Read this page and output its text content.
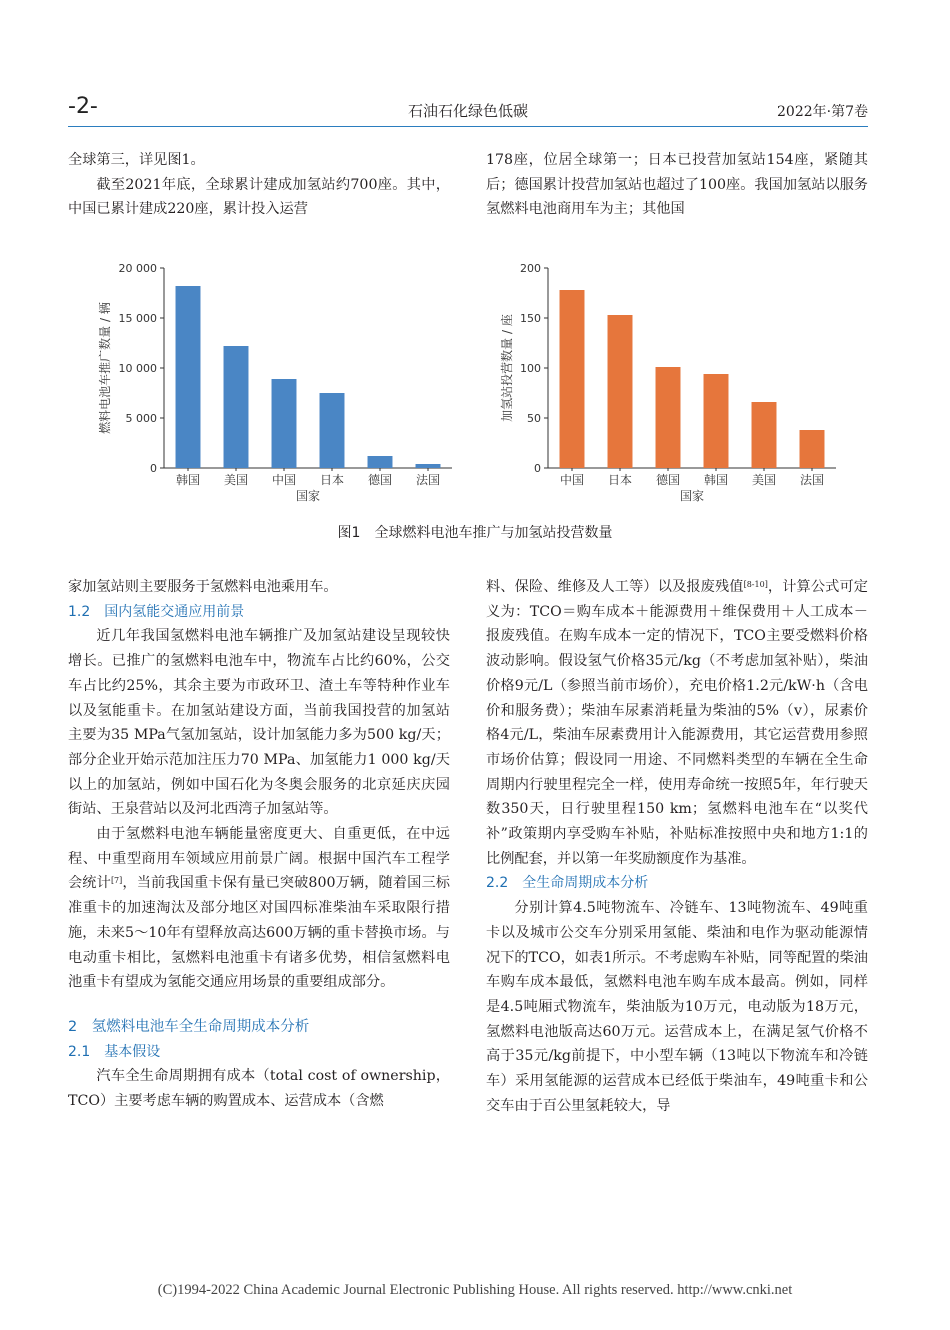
-2-	石油石化绿色低碳	2022年·第7卷

全球第三，详见图1。

截至2021年底，全球累计建成加氢站约700座。其中，中国已累计建成220座，累计投入运营

178座，位居全球第一；日本已投营加氢站154座，紧随其后；德国累计投营加氢站也超过了100座。我国加氢站以服务氢燃料电池商用车为主；其他国

0
5 000
10 000
15 000
20 000
韩国 美国 中国 日本 德国 法国
国家
燃料电池车推广数量 / 辆
0
50
100
150
200
中国 日本 德国 韩国 美国 法国
国家
加氢站投营数量 / 座
图1　全球燃料电池车推广与加氢站投营数量

家加氢站则主要服务于氢燃料电池乘用车。

1.2　国内氢能交通应用前景

近几年我国氢燃料电池车辆推广及加氢站建设呈现较快增长。已推广的氢燃料电池车中，物流车占比约60%，公交车占比约25%，其余主要为市政环卫、渣土车等特种作业车以及氢能重卡。在加氢站建设方面，当前我国投营的加氢站主要为35 MPa气氢加氢站，设计加氢能力多为500 kg/天；部分企业开始示范加注压力70 MPa、加氢能力1 000 kg/天以上的加氢站，例如中国石化为冬奥会服务的北京延庆庆园街站、王泉营站以及河北西湾子加氢站等。

由于氢燃料电池车辆能量密度更大、自重更低，在中远程、中重型商用车领域应用前景广阔。根据中国汽车工程学会统计[7]，当前我国重卡保有量已突破800万辆，随着国三标准重卡的加速淘汰及部分地区对国四标准柴油车采取限行措施，未来5～10年有望释放高达600万辆的重卡替换市场。与电动重卡相比，氢燃料电池重卡有诸多优势，相信氢燃料电池重卡有望成为氢能交通应用场景的重要组成部分。

2　氢燃料电池车全生命周期成本分析

2.1　基本假设

汽车全生命周期拥有成本（total cost of ownership，TCO）主要考虑车辆的购置成本、运营成本（含燃

料、保险、维修及人工等）以及报废残值[8-10]，计算公式可定义为：TCO＝购车成本＋能源费用＋维保费用＋人工成本－报废残值。在购车成本一定的情况下，TCO主要受燃料价格波动影响。假设氢气价格35元/kg（不考虑加氢补贴），柴油价格9元/L（参照当前市场价），充电价格1.2元/kW·h（含电价和服务费）；柴油车尿素消耗量为柴油的5%（v），尿素价格4元/L，柴油车尿素费用计入能源费用，其它运营费用参照市场价估算；假设同一用途、不同燃料类型的车辆在全生命周期内行驶里程完全一样，使用寿命统一按照5年，年行驶天数350天，日行驶里程150 km；氢燃料电池车在“以奖代补”政策期内享受购车补贴，补贴标准按照中央和地方1:1的比例配套，并以第一年奖励额度作为基准。

2.2　全生命周期成本分析

分别计算4.5吨物流车、冷链车、13吨物流车、49吨重卡以及城市公交车分别采用氢能、柴油和电作为驱动能源情况下的TCO，如表1所示。不考虑购车补贴，同等配置的柴油车购车成本最低，氢燃料电池车购车成本最高。例如，同样是4.5吨厢式物流车，柴油版为10万元，电动版为18万元，氢燃料电池版高达60万元。运营成本上，在满足氢气价格不高于35元/kg前提下，中小型车辆（13吨以下物流车和冷链车）采用氢能源的运营成本已经低于柴油车，49吨重卡和公交车由于百公里氢耗较大，导

(C)1994-2022 China Academic Journal Electronic Publishing House. All rights reserved. http://www.cnki.net
